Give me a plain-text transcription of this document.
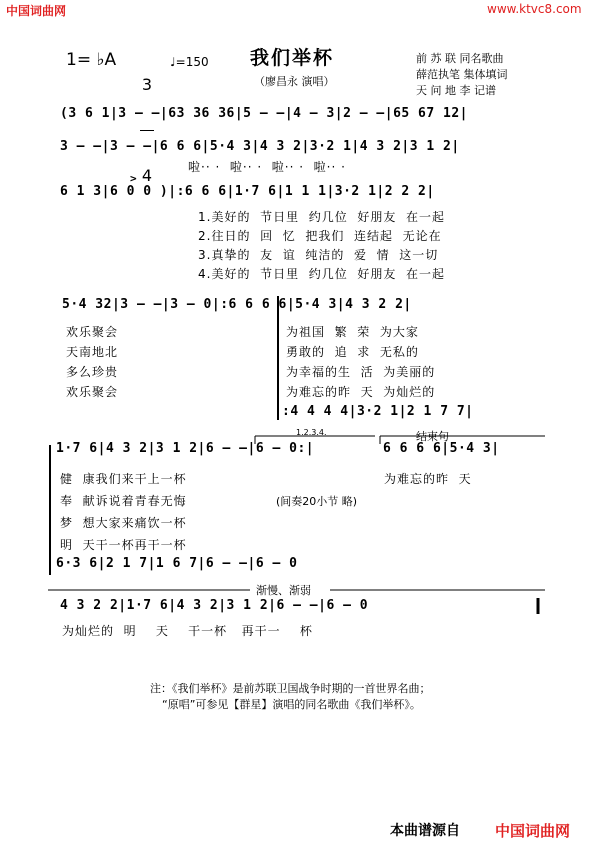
中国词曲网	www.ktvc8.com
1= ♭A

3

4

♩=150 我们举杯
（廖昌永 演唱）
前 苏 联 同名歌曲
薛范执笔 集体填词
天 问 地 李 记谱
(3 6 1|3 — —|63 36 36|5 — —|4 — 3|2 — —|65 67 12|
3 — —|3 — —|6 6 6|5·4 3|4 3 2|3·2 1|4 3 2|3 1 2|
啦·· ·  啦·· ·  啦·· ·  啦·· ·
>
6 1 3|6 0 0 )|:6 6 6|1·7 6|1 1 1|3·2 1|2 2 2|
1.美好的  节日里  约几位  好朋友  在一起
2.往日的  回  忆  把我们  连结起  无论在
3.真挚的  友  谊  纯洁的  爱  情  这一切
4.美好的  节日里  约几位  好朋友  在一起
5·4 32|3 — —|3 — 0|:6 6 6 6|5·4 3|4 3 2 2|
欢乐聚会
天南地北
多么珍贵
欢乐聚会
为祖国  繁  荣  为大家
勇敢的  追  求  无私的
为幸福的生  活  为美丽的
为难忘的昨  天  为灿烂的
:4 4 4 4|3·2 1|2 1 7 7|
1.2.3.4.	结束句
1·7 6|4 3 2|3 1 2|6 — —|6 — 0:|	6 6 6 6|5·4 3|
健  康我们来干上一杯
奉  献诉说着青春无悔	(间奏20小节 略)
梦  想大家来痛饮一杯
明  天干一杯再干一杯
为难忘的昨  天
6·3 6|2 1 7|1 6 7|6 — —|6 — 0
渐慢、渐弱
4 3 2 2|1·7 6|4 3 2|3 1 2|6 — —|6 — 0
为灿烂的  明    天    干一杯   再干一    杯
注：《我们举杯》是前苏联卫国战争时期的一首世界名曲；
“原唱”可参见【群星】演唱的同名歌曲《我们举杯》。
本曲谱源自 中国词曲网
